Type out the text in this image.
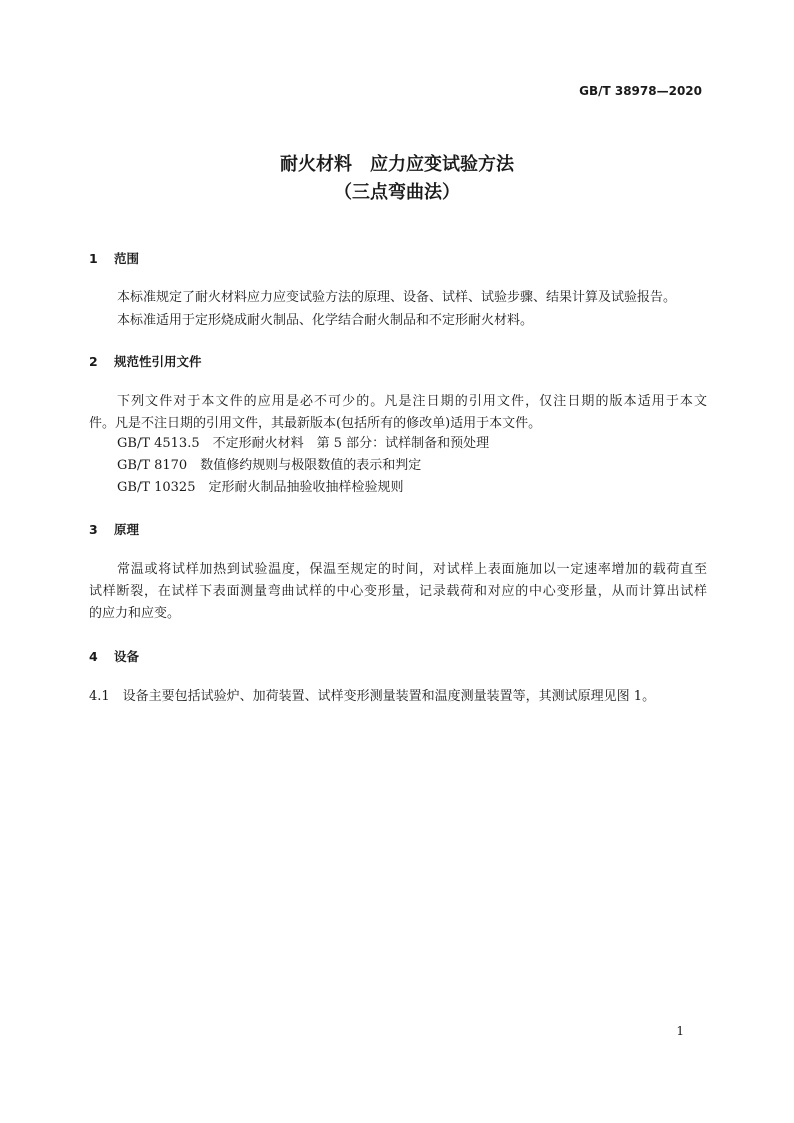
GB/T 38978—2020
耐火材料　应力应变试验方法
（三点弯曲法）
1 范围
本标准规定了耐火材料应力应变试验方法的原理、设备、试样、试验步骤、结果计算及试验报告。
本标准适用于定形烧成耐火制品、化学结合耐火制品和不定形耐火材料。
2 规范性引用文件
下列文件对于本文件的应用是必不可少的。凡是注日期的引用文件，仅注日期的版本适用于本文
件。凡是不注日期的引用文件，其最新版本(包括所有的修改单)适用于本文件。
GB/T 4513.5　不定形耐火材料　第 5 部分：试样制备和预处理
GB/T 8170　数值修约规则与极限数值的表示和判定
GB/T 10325　定形耐火制品抽验收抽样检验规则
3 原理
常温或将试样加热到试验温度，保温至规定的时间，对试样上表面施加以一定速率增加的载荷直至
试样断裂，在试样下表面测量弯曲试样的中心变形量，记录载荷和对应的中心变形量，从而计算出试样
的应力和应变。
4 设备
4.1　设备主要包括试验炉、加荷装置、试样变形测量装置和温度测量装置等，其测试原理见图 1。
1
